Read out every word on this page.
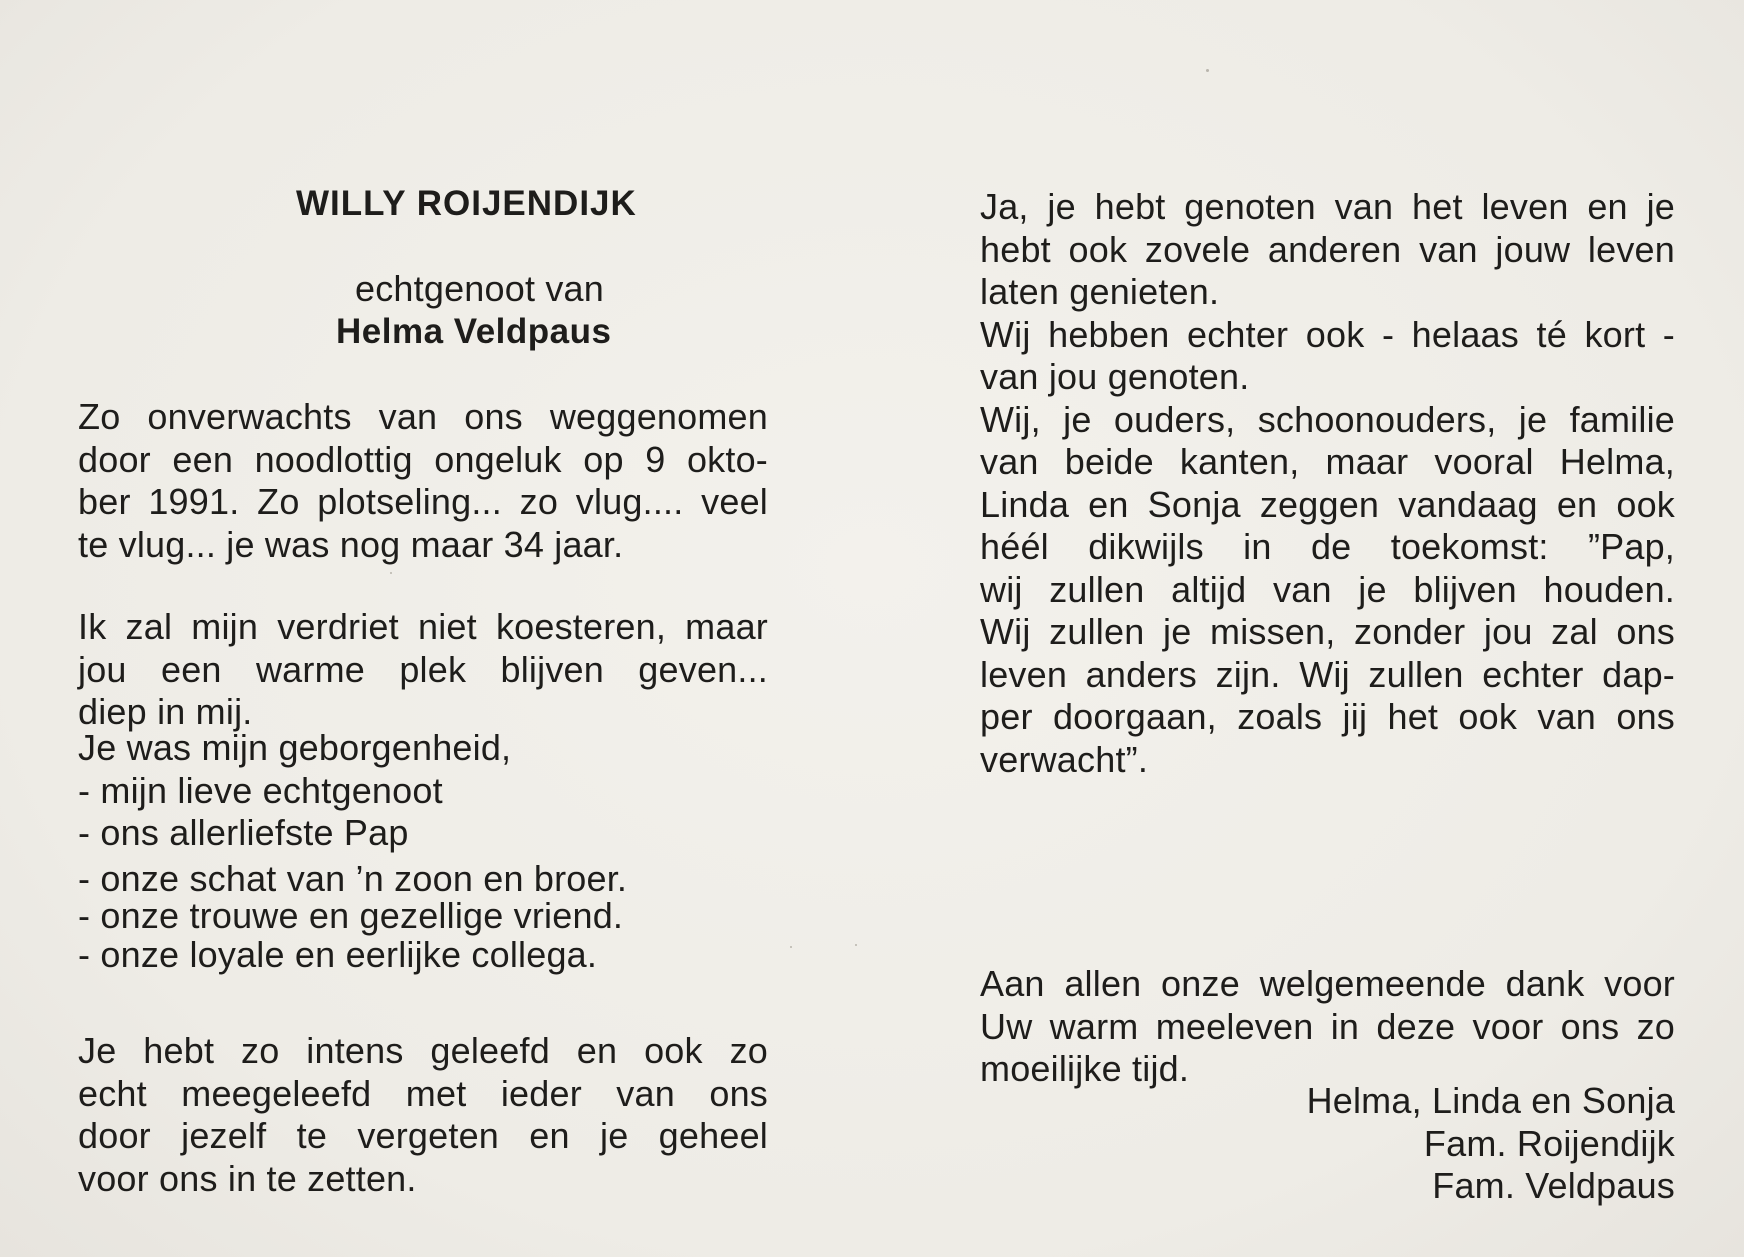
WILLY ROIJENDIJK
echtgenoot van
Helma Veldpaus
Zo onverwachts van ons weggenomen
door een noodlottig ongeluk op 9 okto-
ber 1991. Zo plotseling... zo vlug.... veel
te vlug... je was nog maar 34 jaar.
Ik zal mijn verdriet niet koesteren, maar
jou een warme plek blijven geven...
diep in mij.
Je was mijn geborgenheid,
- mijn lieve echtgenoot
- ons allerliefste Pap
- onze schat van ’n zoon en broer.
- onze trouwe en gezellige vriend.
- onze loyale en eerlijke collega.
Je hebt zo intens geleefd en ook zo
echt meegeleefd met ieder van ons
door jezelf te vergeten en je geheel
voor ons in te zetten.
Ja, je hebt genoten van het leven en je
hebt ook zovele anderen van jouw leven
laten genieten.
Wij hebben echter ook - helaas té kort -
van jou genoten.
Wij, je ouders, schoonouders, je familie
van beide kanten, maar vooral Helma,
Linda en Sonja zeggen vandaag en ook
héél dikwijls in de toekomst: ”Pap,
wij zullen altijd van je blijven houden.
Wij zullen je missen, zonder jou zal ons
leven anders zijn. Wij zullen echter dap-
per doorgaan, zoals jij het ook van ons
verwacht”.
Aan allen onze welgemeende dank voor
Uw warm meeleven in deze voor ons zo
moeilijke tijd.
Helma, Linda en Sonja
Fam. Roijendijk
Fam. Veldpaus
